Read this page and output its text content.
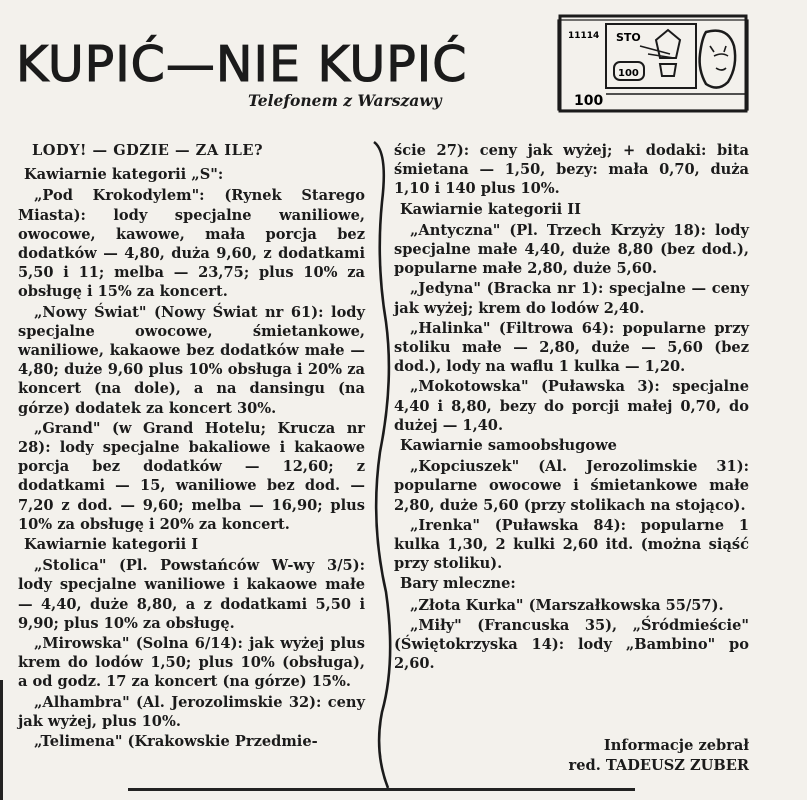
KUPIĆ—NIE KUPIĆ
Telefonem z Warszawy
11114 STO
100
100
LODY! — GDZIE — ZA ILE?
Kawiarnie kategorii „S":

„Pod Krokodylem": (Rynek Starego Miasta): lody specjalne waniliowe, owocowe, kawowe, mała porcja bez dodatków — 4,80, duża 9,60, z dodatkami 5,50 i 11; melba — 23,75; plus 10% za obsługę i 15% za koncert.

„Nowy Świat" (Nowy Świat nr 61): lody specjalne owocowe, śmietankowe, waniliowe, kakaowe bez dodatków małe — 4,80; duże 9,60 plus 10% obsługa i 20% za koncert (na dole), a na dansingu (na górze) dodatek za koncert 30%.

„Grand" (w Grand Hotelu; Krucza nr 28): lody specjalne bakaliowe i kakaowe porcja bez dodatków — 12,60; z dodatkami — 15, waniliowe bez dod. — 7,20 z dod. — 9,60; melba — 16,90; plus 10% za obsługę i 20% za koncert.

Kawiarnie kategorii I

„Stolica" (Pl. Powstańców W-wy 3/5): lody specjalne waniliowe i kakaowe małe — 4,40, duże 8,80, a z dodatkami 5,50 i 9,90; plus 10% za obsługę.

„Mirowska" (Solna 6/14): jak wyżej plus krem do lodów 1,50; plus 10% (obsługa), a od godz. 17 za koncert (na górze) 15%.

„Alhambra" (Al. Jerozolimskie 32): ceny jak wyżej, plus 10%.

„Telimena" (Krakowskie Przedmie-

ście 27): ceny jak wyżej; + dodaki: bita śmietana — 1,50, bezy: mała 0,70, duża 1,10 i 140 plus 10%.

Kawiarnie kategorii II

„Antyczna" (Pl. Trzech Krzyży 18): lody specjalne małe 4,40, duże 8,80 (bez dod.), popularne małe 2,80, duże 5,60.

„Jedyna" (Bracka nr 1): specjalne — ceny jak wyżej; krem do lodów 2,40.

„Halinka" (Filtrowa 64): popularne przy stoliku małe — 2,80, duże — 5,60 (bez dod.), lody na waflu 1 kulka — 1,20.

„Mokotowska" (Puławska 3): specjalne 4,40 i 8,80, bezy do porcji małej 0,70, do dużej — 1,40.

Kawiarnie samoobsługowe

„Kopciuszek" (Al. Jerozolimskie 31): popularne owocowe i śmietankowe małe 2,80, duże 5,60 (przy stolikach na stojąco).

„Irenka" (Puławska 84): popularne 1 kulka 1,30, 2 kulki 2,60 itd. (można siąść przy stoliku).

Bary mleczne:

„Złota Kurka" (Marszałkowska 55/57).

„Miły" (Francuska 35), „Śródmieście" (Świętokrzyska 14): lody „Bambino" po 2,60.

Informacje zebrał
red. TADEUSZ ZUBER
